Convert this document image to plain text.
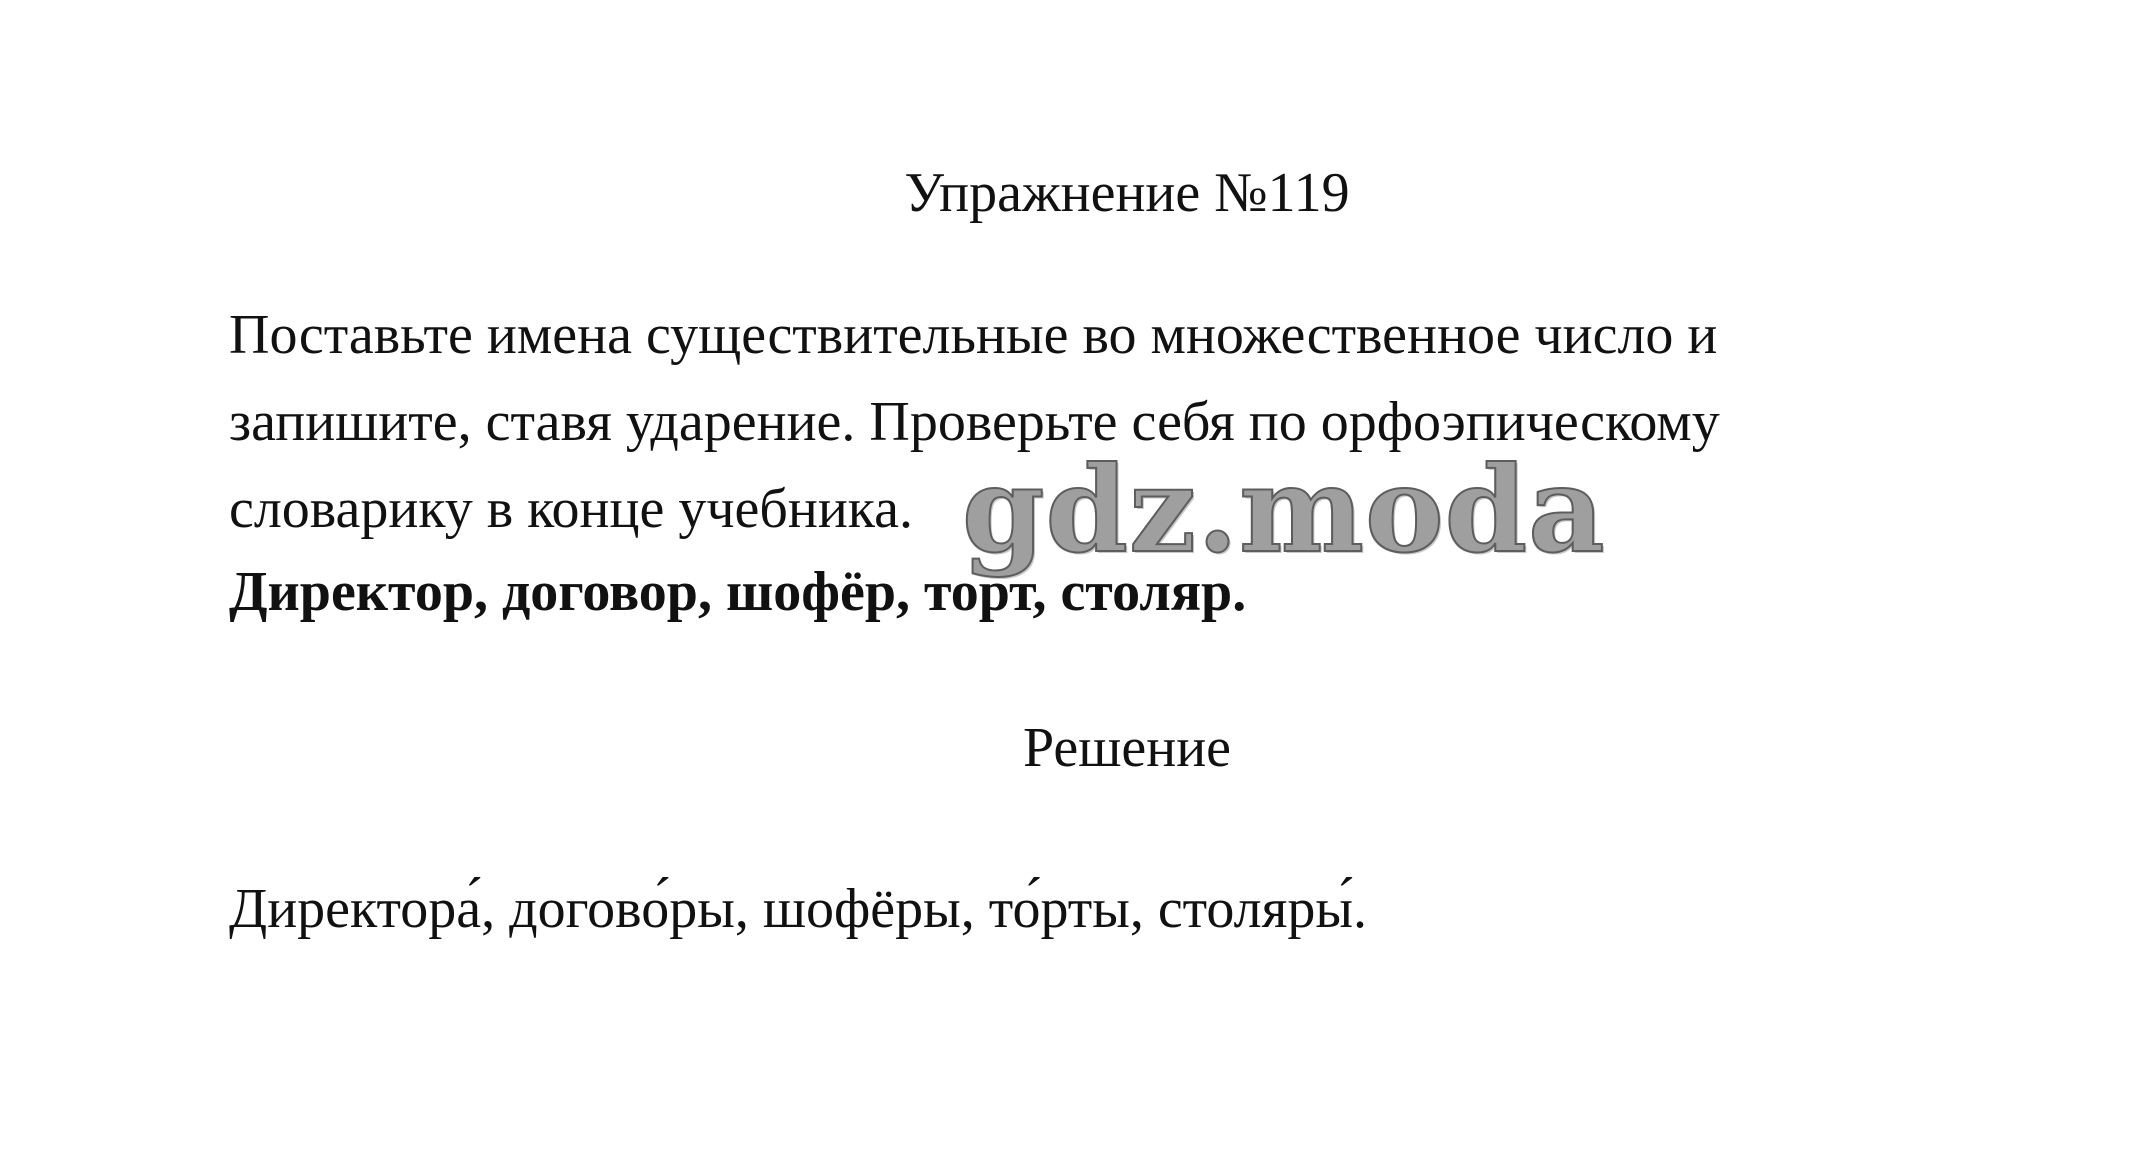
Упражнение №119
Поставьте имена существительные во множественное число и
запишите, ставя ударение. Проверьте себя по орфоэпическому
словарику в конце учебника.
Директор, договор, шофёр, торт, столяр.
Решение
Директора́, догово́ры, шофёры, то́рты, столяры́.
gdz.moda
